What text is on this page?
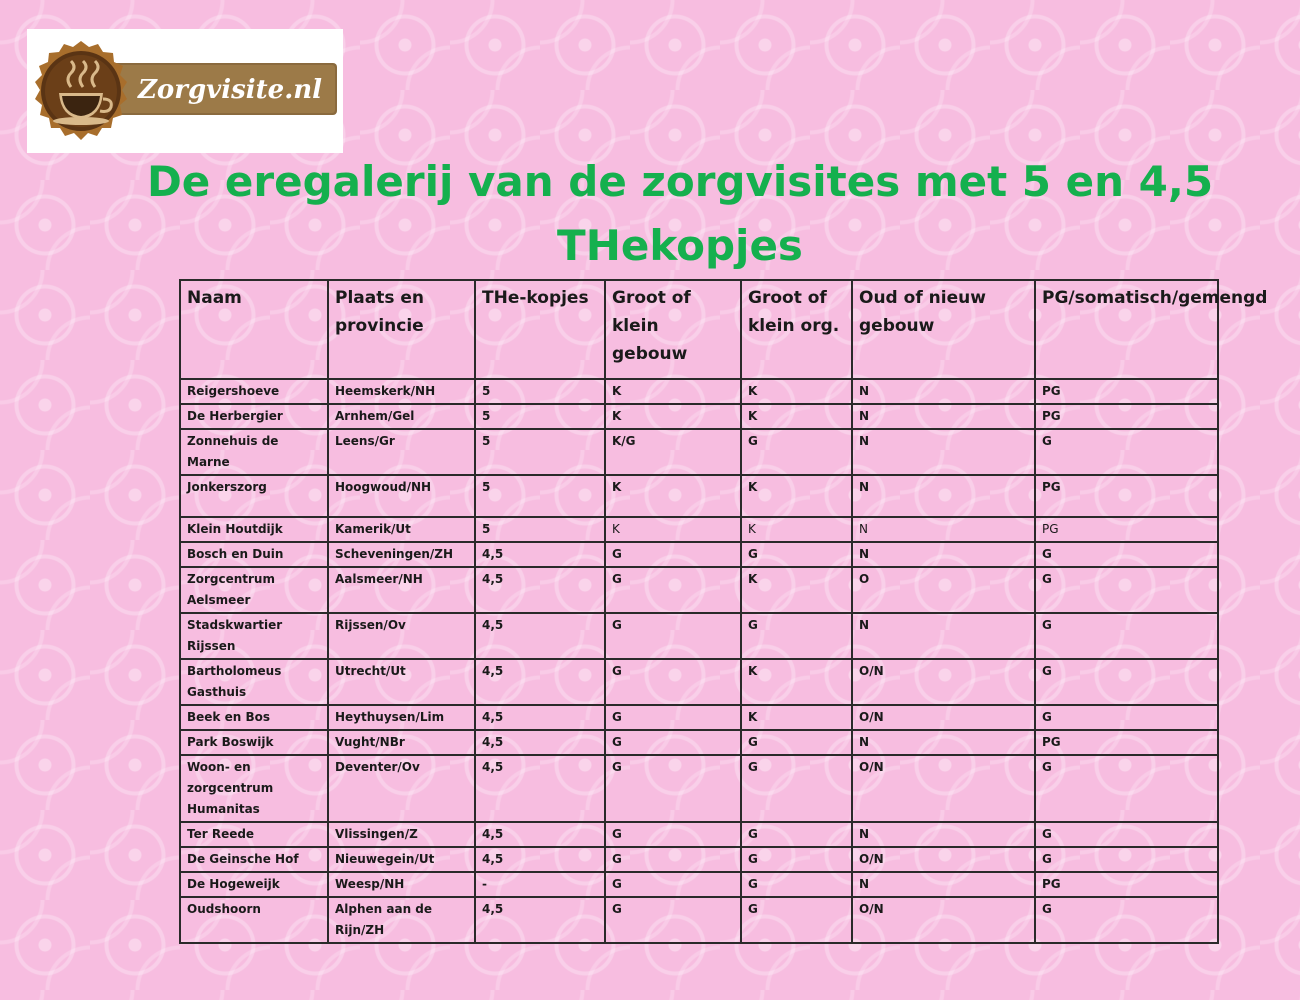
Zorgvisite.nl
De eregalerij van de zorgvisites met 5 en 4,5 THekopjes
Naam	Plaats en provincie	THe-kopjes	Groot of klein gebouw	Groot of klein org.	Oud of nieuw gebouw	PG/somatisch/gemengd
Reigershoeve	Heemskerk/NH	5	K	K	N	PG
De Herbergier	Arnhem/Gel	5	K	K	N	PG
Zonnehuis de Marne	Leens/Gr	5	K/G	G	N	G
Jonkerszorg	Hoogwoud/NH	5	K	K	N	PG
Klein Houtdijk	Kamerik/Ut	5	K	K	N	PG
Bosch en Duin	Scheveningen/ZH	4,5	G	G	N	G
Zorgcentrum Aelsmeer	Aalsmeer/NH	4,5	G	K	O	G
Stadskwartier Rijssen	Rijssen/Ov	4,5	G	G	N	G
Bartholomeus Gasthuis	Utrecht/Ut	4,5	G	K	O/N	G
Beek en Bos	Heythuysen/Lim	4,5	G	K	O/N	G
Park Boswijk	Vught/NBr	4,5	G	G	N	PG
Woon- en zorgcentrum Humanitas	Deventer/Ov	4,5	G	G	O/N	G
Ter Reede	Vlissingen/Z	4,5	G	G	N	G
De Geinsche Hof	Nieuwegein/Ut	4,5	G	G	O/N	G
De Hogeweijk	Weesp/NH	-	G	G	N	PG
Oudshoorn	Alphen aan de Rijn/ZH	4,5	G	G	O/N	G
